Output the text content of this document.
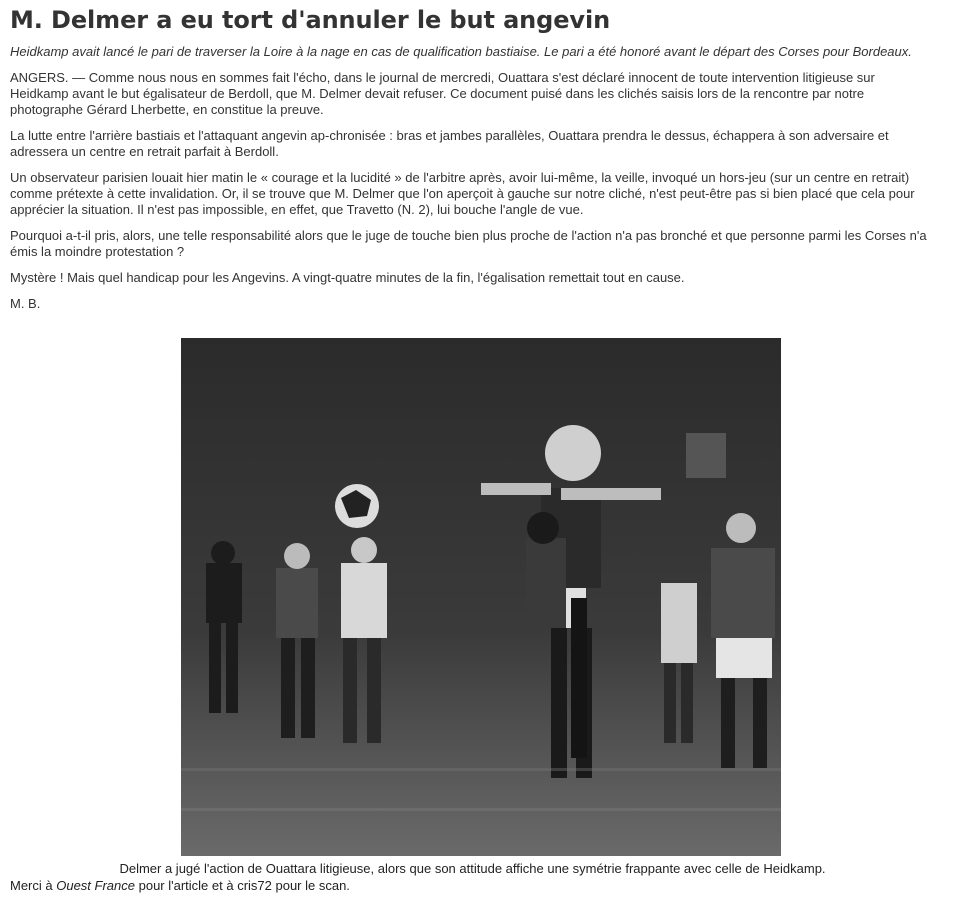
M. Delmer a eu tort d'annuler le but angevin

Heidkamp avait lancé le pari de traverser la Loire à la nage en cas de qualification bastiaise. Le pari a été honoré avant le départ des Corses pour Bordeaux.

ANGERS. — Comme nous nous en sommes fait l'écho, dans le journal de mercredi, Ouattara s'est déclaré innocent de toute intervention litigieuse sur Heidkamp avant le but égalisateur de Berdoll, que M. Delmer devait refuser. Ce document puisé dans les clichés saisis lors de la rencontre par notre photographe Gérard Lherbette, en constitue la preuve.

La lutte entre l'arrière bastiais et l'attaquant angevin ap-chronisée : bras et jambes parallèles, Ouattara prendra le dessus, échappera à son adversaire et adressera un centre en retrait parfait à Berdoll.

Un observateur parisien louait hier matin le « courage et la lucidité » de l'arbitre après, avoir lui-même, la veille, invoqué un hors-jeu (sur un centre en retrait) comme prétexte à cette invalidation. Or, il se trouve que M. Delmer que l'on aperçoit à gauche sur notre cliché, n'est peut-être pas si bien placé que cela pour apprécier la situation. Il n'est pas impossible, en effet, que Travetto (N. 2), lui bouche l'angle de vue.

Pourquoi a-t-il pris, alors, une telle responsabilité alors que le juge de touche bien plus proche de l'action n'a pas bronché et que personne parmi les Corses n'a émis la moindre protestation ?

Mystère ! Mais quel handicap pour les Angevins. A vingt-quatre minutes de la fin, l'égalisation remettait tout en cause.

M. B.

Delmer a jugé l'action de Ouattara litigieuse, alors que son attitude affiche une symétrie frappante avec celle de Heidkamp.
Merci à Ouest France pour l'article et à cris72 pour le scan.
